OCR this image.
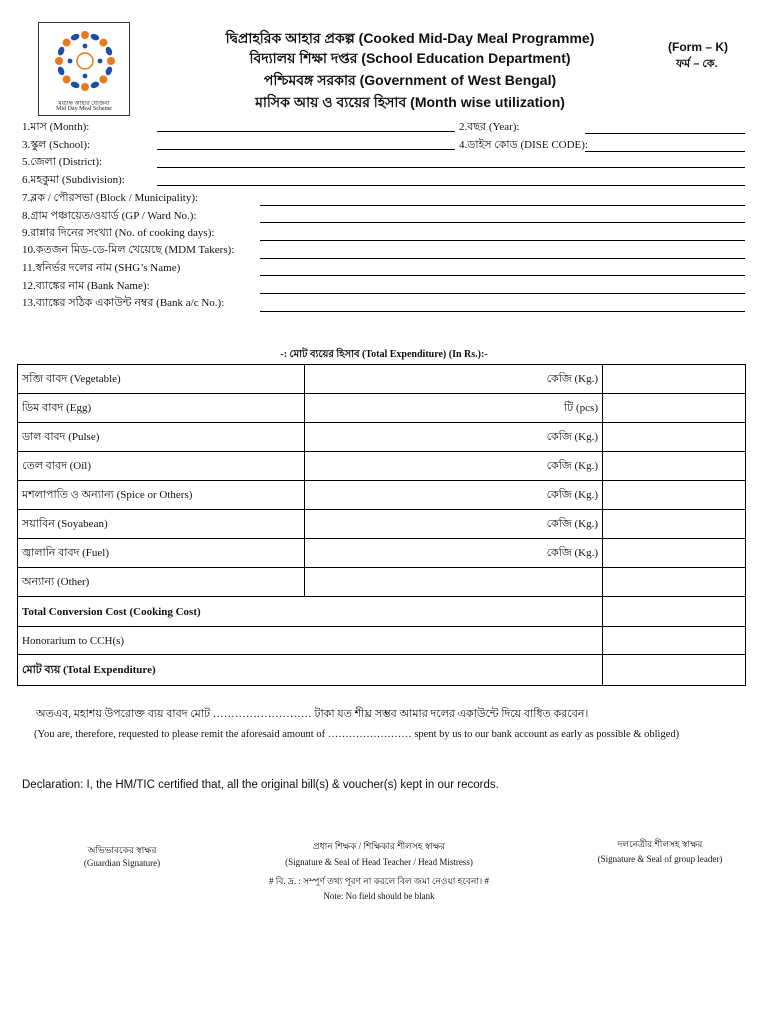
মধ্যাহ্ন আহার যোজনা
Mid Day Meal Scheme
দ্বিপ্রাহরিক আহার প্রকল্প (Cooked Mid-Day Meal Programme)
বিদ্যালয় শিক্ষা দপ্তর (School Education Department)
পশ্চিমবঙ্গ সরকার (Government of West Bengal)
মাসিক আয় ও ব্যয়ের হিসাব (Month wise utilization)
(Form – K)
ফর্ম – কে.
1.মাস (Month):	2.বছর (Year):
3.স্কুল (School):	4.ডাইস কোড (DISE CODE):
5.জেলা (District):
6.মহকুমা (Subdivision):
7.ব্লক / পৌরসভা (Block / Municipality):
8.গ্রাম পঞ্চায়েত/ওয়ার্ড (GP / Ward No.):
9.রান্নার দিনের সংখ্যা (No. of cooking days):
10.কতজন মিড-ডে-মিল খেয়েছে (MDM Takers):
11.স্বনির্ভর দলের নাম (SHG’s Name)
12.ব্যাঙ্কের নাম (Bank Name):
13.ব্যাঙ্কের সঠিক একাউন্ট নম্বর (Bank a/c No.):
-: মোট ব্যয়ের হিসাব (Total Expenditure) (In Rs.):-
সব্জি বাবদ (Vegetable)	কেজি (Kg.)	
ডিম বাবদ (Egg)	টি (pcs)	
ডাল বাবদ (Pulse)	কেজি (Kg.)	
তেল বাবদ (Oil)	কেজি (Kg.)	
মশলাপাতি ও অন্যান্য (Spice or Others)	কেজি (Kg.)	
সয়াবিন (Soyabean)	কেজি (Kg.)	
জ্বালানি বাবদ (Fuel)	কেজি (Kg.)	
অন্যান্য (Other)		
Total Conversion Cost (Cooking Cost)		
Honorarium to CCH(s)		
মোট ব্যয় (Total Expenditure)		
অতএব, মহাশয় উপরোক্ত ব্যয় বাবদ মোট ……………………… টাকা যত শীঘ্র সম্ভব আমার দলের একাউন্টে দিয়ে বাধিত করবেন।
(You are, therefore, requested to please remit the aforesaid amount of …………………… spent by us to our bank account as early as possible & obliged)
Declaration: I, the HM/TIC certified that, all the original bill(s) & voucher(s) kept in our records.
অভিভাবকের স্বাক্ষর
(Guardian Signature)
প্রধান শিক্ষক / শিক্ষিকার শীলসহ স্বাক্ষর
(Signature & Seal of Head Teacher / Head Mistress)
দলনেত্রীর শীলসহ স্বাক্ষর
(Signature & Seal of group leader)
# বি. দ্র. : সম্পূর্ণ তথ্য পূরণ না করলে বিল জমা নেওয়া হবেনা। #
Note: No field should be blank
